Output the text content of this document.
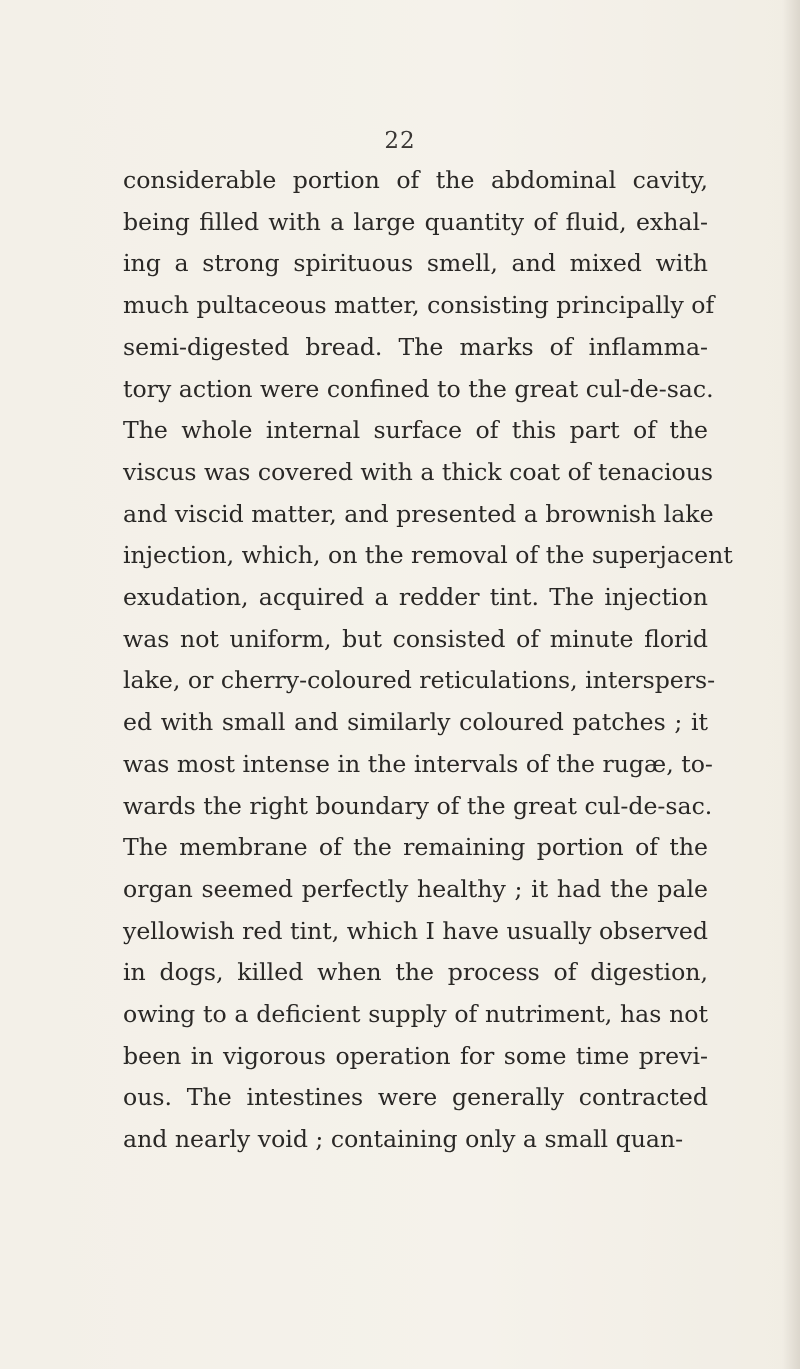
22
considerable portion of the abdominal cavity,
being filled with a large quantity of fluid, exhal-
ing a strong spirituous smell, and mixed with
much pultaceous matter, consisting principally of
semi-digested bread. The marks of inflamma-
tory action were confined to the great cul-de-sac.
The whole internal surface of this part of the
viscus was covered with a thick coat of tenacious
and viscid matter, and presented a brownish lake
injection, which, on the removal of the superjacent
exudation, acquired a redder tint. The injection
was not uniform, but consisted of minute florid
lake, or cherry-coloured reticulations, interspers-
ed with small and similarly coloured patches ; it
was most intense in the intervals of the rugæ, to-
wards the right boundary of the great cul-de-sac.
The membrane of the remaining portion of the
organ seemed perfectly healthy ; it had the pale
yellowish red tint, which I have usually observed
in dogs, killed when the process of digestion,
owing to a deficient supply of nutriment, has not
been in vigorous operation for some time previ-
ous. The intestines were generally contracted
and nearly void ; containing only a small quan-
